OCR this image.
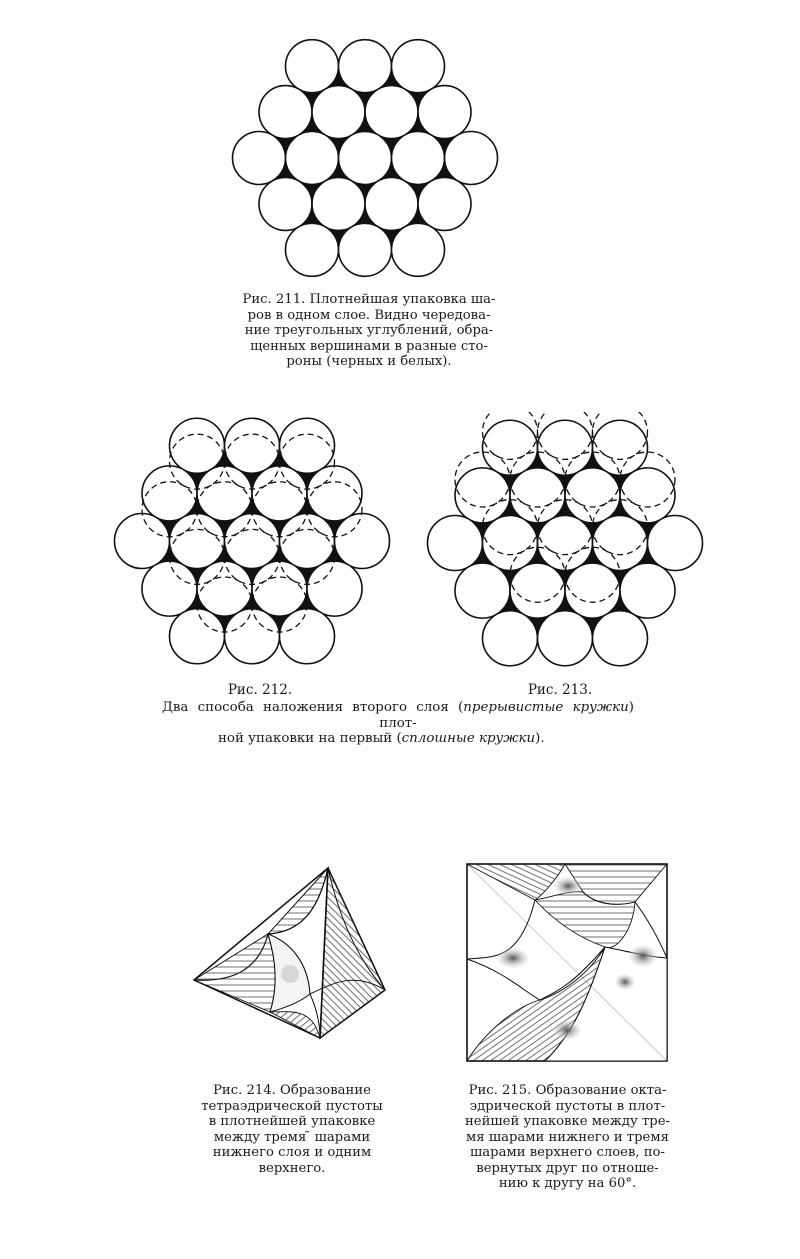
Рис. 211. Плотнейшая упаковка ша-
ров в одном слое. Видно чередова-
ние треугольных углублений, обра-
щенных вершинами в разные сто-
роны (черных и белых).
Рис. 212.	Рис. 213.
Два способа наложения второго слоя (прерывистые кружки) плот-
ной упаковки на первый (сплошные кружки).
Рис. 214. Образование
тетраэдрической пустоты
в плотнейшей упаковке
между тремя ̃ шарами
нижнего слоя и одним
верхнего.
Рис. 215. Образование окта-
эдрической пустоты в плот-
нейшей упаковке между тре-
мя шарами нижнего и тремя
шарами верхнего слоев, по-
вернутых друг по отноше-
нию к другу на 60°.
